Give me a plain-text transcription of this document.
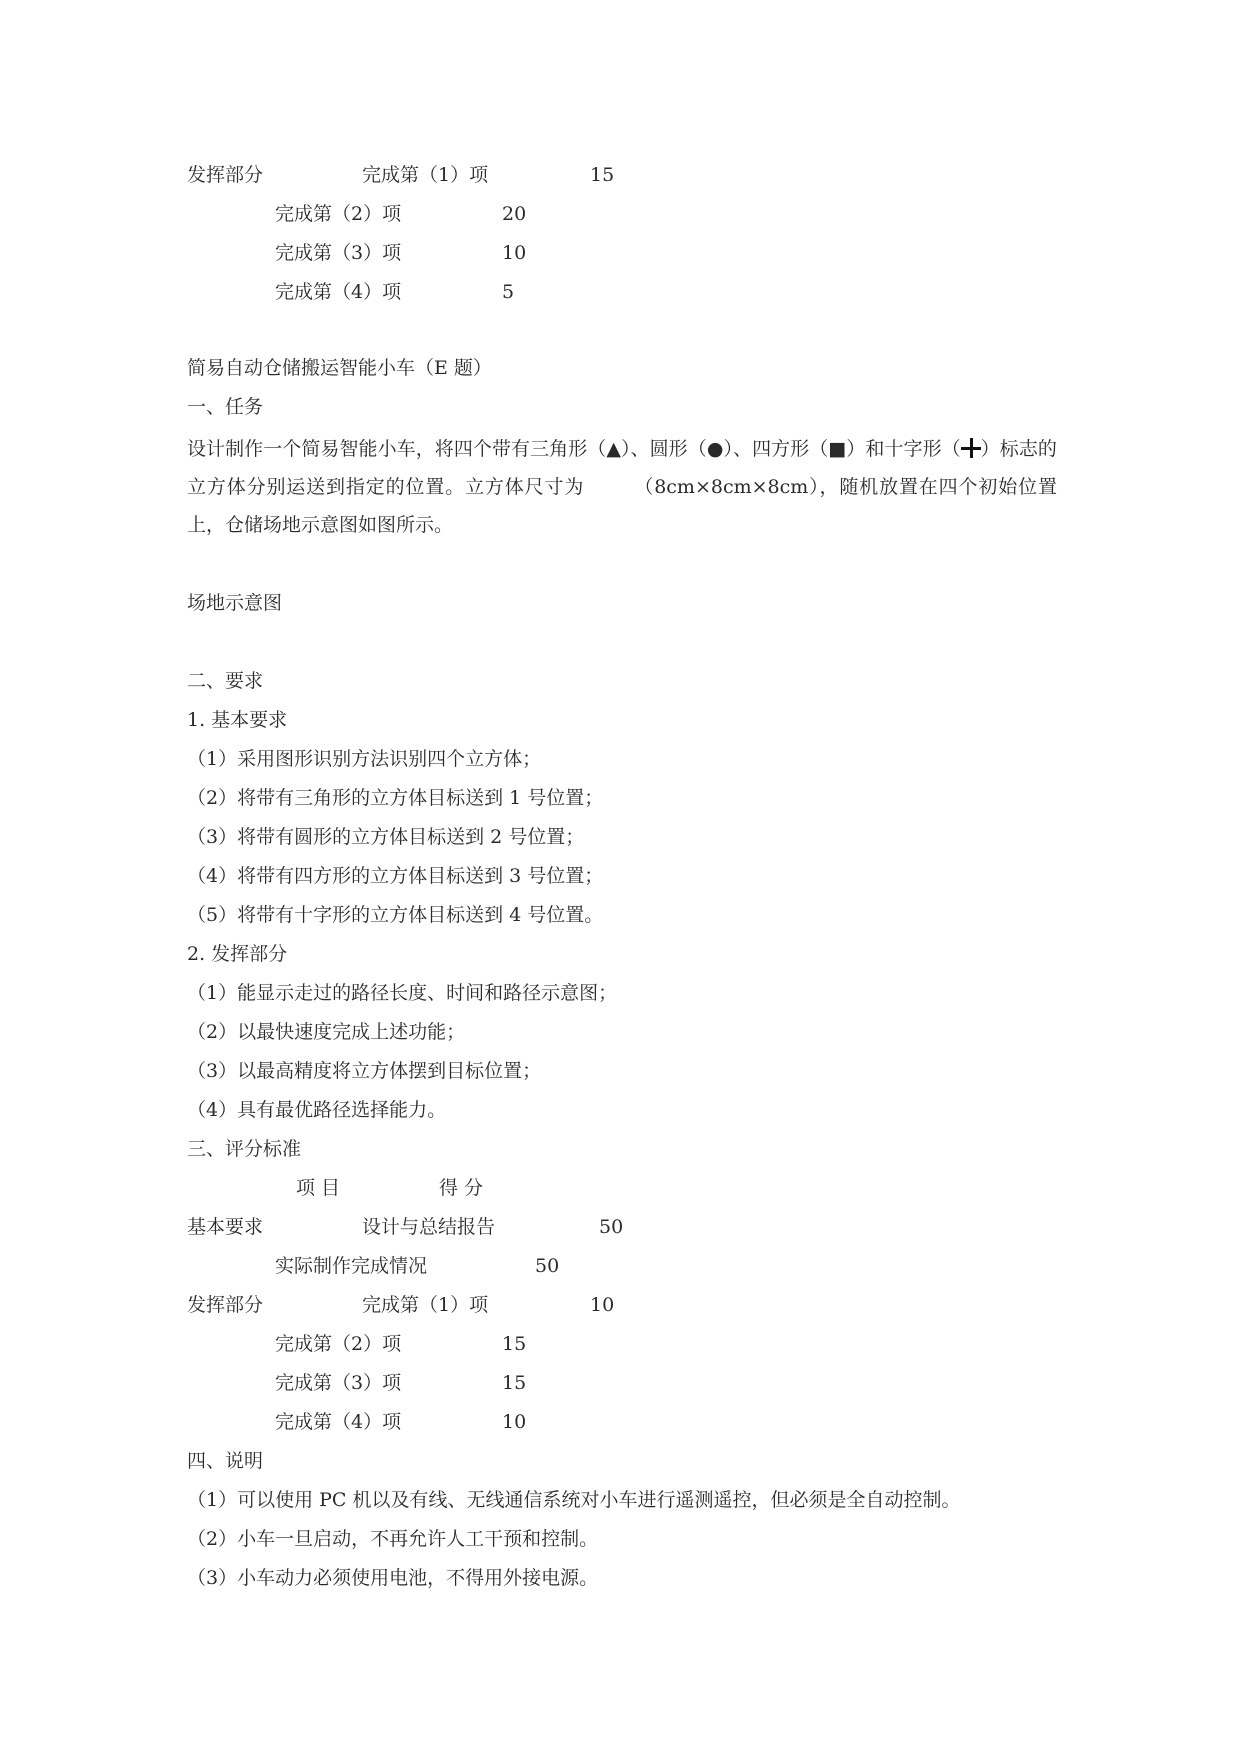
发挥部分	完成第（1）项	15
完成第（2）项	20
完成第（3）项	10
完成第（4）项	5
简易自动仓储搬运智能小车（E 题）
一、任务
设计制作一个简易智能小车，将四个带有三角形（▲）、圆形（●）、四方形（■）和十字形（ ）标志的立方体分别运送到指定的位置。立方体尺寸为　　　（8cm×8cm×8cm），随机放置在四个初始位置上，仓储场地示意图如图所示。
场地示意图
二、要求
1. 基本要求
（1）采用图形识别方法识别四个立方体；
（2）将带有三角形的立方体目标送到 1 号位置；
（3）将带有圆形的立方体目标送到 2 号位置；
（4）将带有四方形的立方体目标送到 3 号位置；
（5）将带有十字形的立方体目标送到 4 号位置。
2. 发挥部分
（1）能显示走过的路径长度、时间和路径示意图；
（2）以最快速度完成上述功能；
（3）以最高精度将立方体摆到目标位置；
（4）具有最优路径选择能力。
三、评分标准
项 目	得 分
基本要求	设计与总结报告	50
实际制作完成情况	50
发挥部分	完成第（1）项	10
完成第（2）项	15
完成第（3）项	15
完成第（4）项	10
四、说明
（1）可以使用 PC 机以及有线、无线通信系统对小车进行遥测遥控，但必须是全自动控制。
（2）小车一旦启动，不再允许人工干预和控制。
（3）小车动力必须使用电池，不得用外接电源。
